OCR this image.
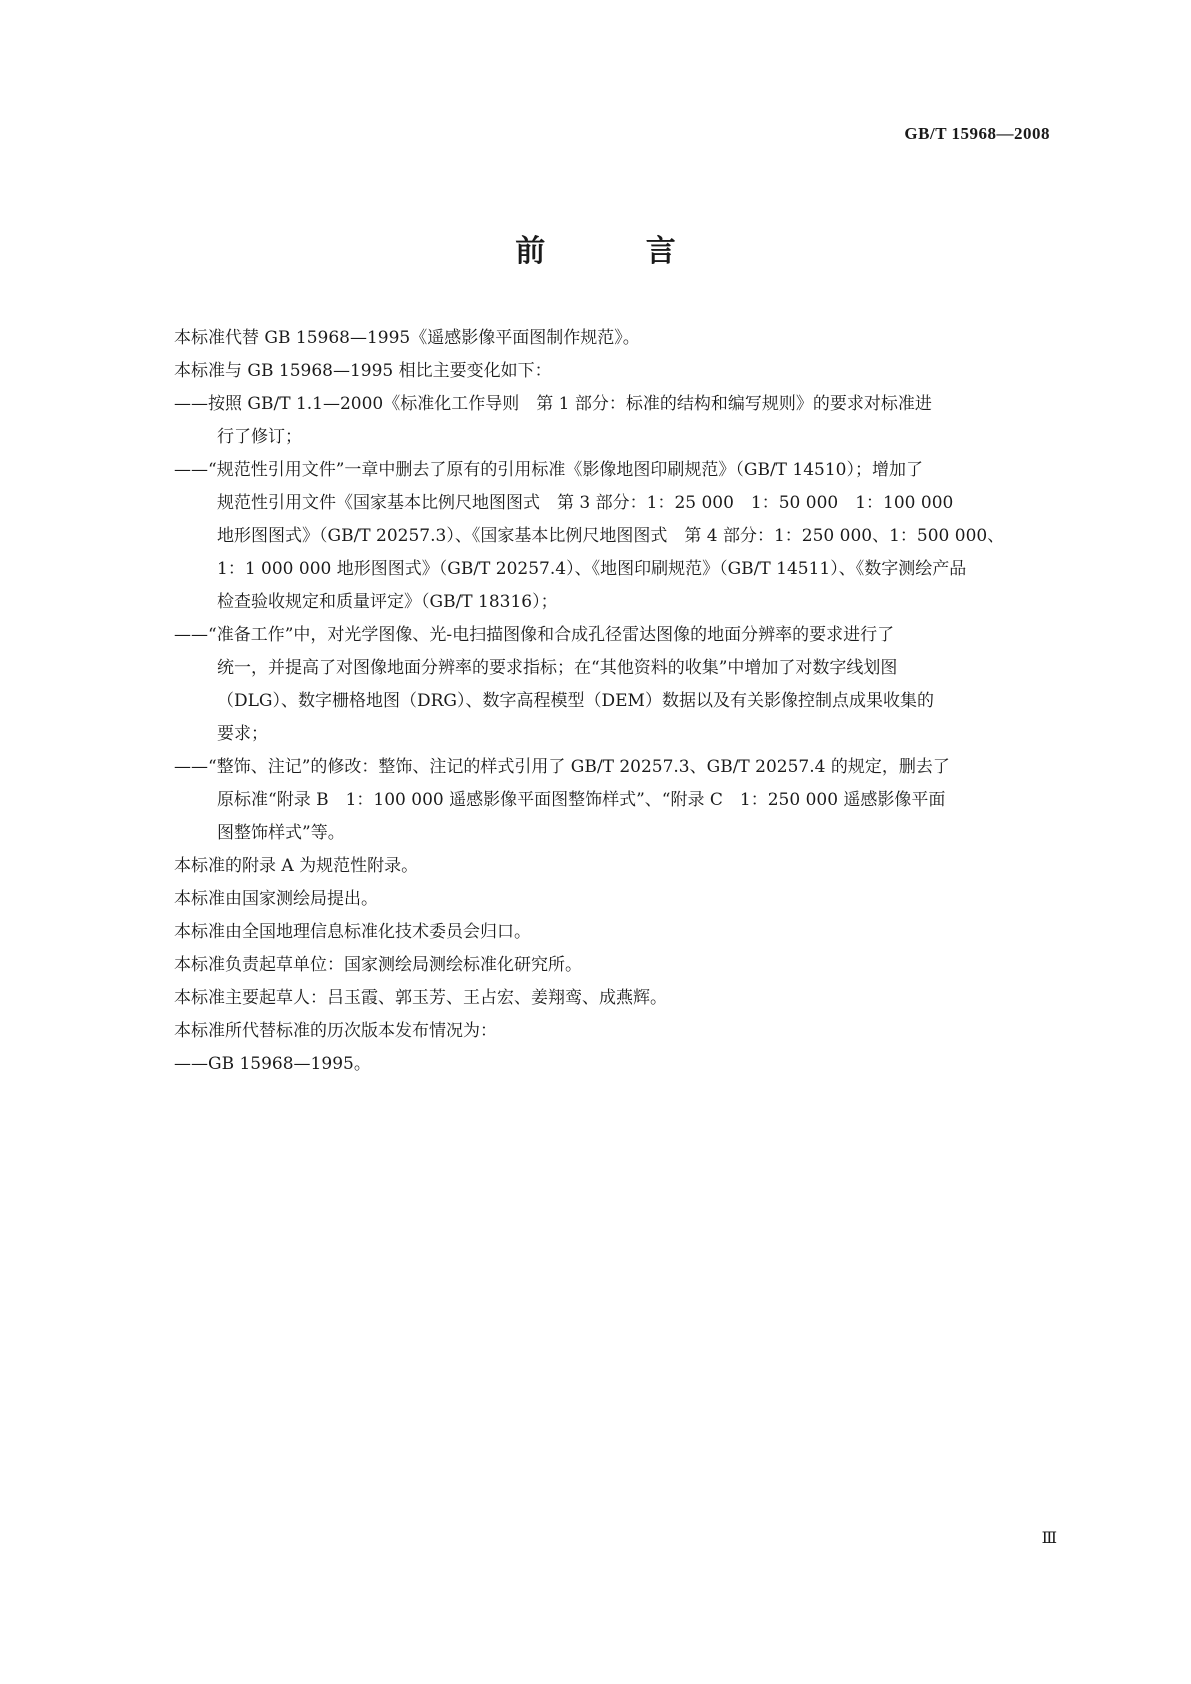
GB/T 15968—2008
前 言

本标准代替 GB 15968—1995《遥感影像平面图制作规范》。

本标准与 GB 15968—1995 相比主要变化如下：

——按照 GB/T 1.1—2000《标准化工作导则　第 1 部分：标准的结构和编写规则》的要求对标准进
行了修订；
——“规范性引用文件”一章中删去了原有的引用标准《影像地图印刷规范》（GB/T 14510）；增加了
规范性引用文件《国家基本比例尺地图图式　第 3 部分：1：25 000　1：50 000　1：100 000
地形图图式》（GB/T 20257.3）、《国家基本比例尺地图图式　第 4 部分：1：250 000、1：500 000、
1：1 000 000 地形图图式》（GB/T 20257.4）、《地图印刷规范》（GB/T 14511）、《数字测绘产品
检查验收规定和质量评定》（GB/T 18316）；
——“准备工作”中，对光学图像、光-电扫描图像和合成孔径雷达图像的地面分辨率的要求进行了
统一，并提高了对图像地面分辨率的要求指标；在“其他资料的收集”中增加了对数字线划图
（DLG）、数字栅格地图（DRG）、数字高程模型（DEM）数据以及有关影像控制点成果收集的
要求；
——“整饰、注记”的修改：整饰、注记的样式引用了 GB/T 20257.3、GB/T 20257.4 的规定，删去了
原标准“附录 B　1：100 000 遥感影像平面图整饰样式”、“附录 C　1：250 000 遥感影像平面
图整饰样式”等。

本标准的附录 A 为规范性附录。

本标准由国家测绘局提出。

本标准由全国地理信息标准化技术委员会归口。

本标准负责起草单位：国家测绘局测绘标准化研究所。

本标准主要起草人：吕玉霞、郭玉芳、王占宏、姜翔鸾、成燕辉。

本标准所代替标准的历次版本发布情况为：

——GB 15968—1995。

Ⅲ
